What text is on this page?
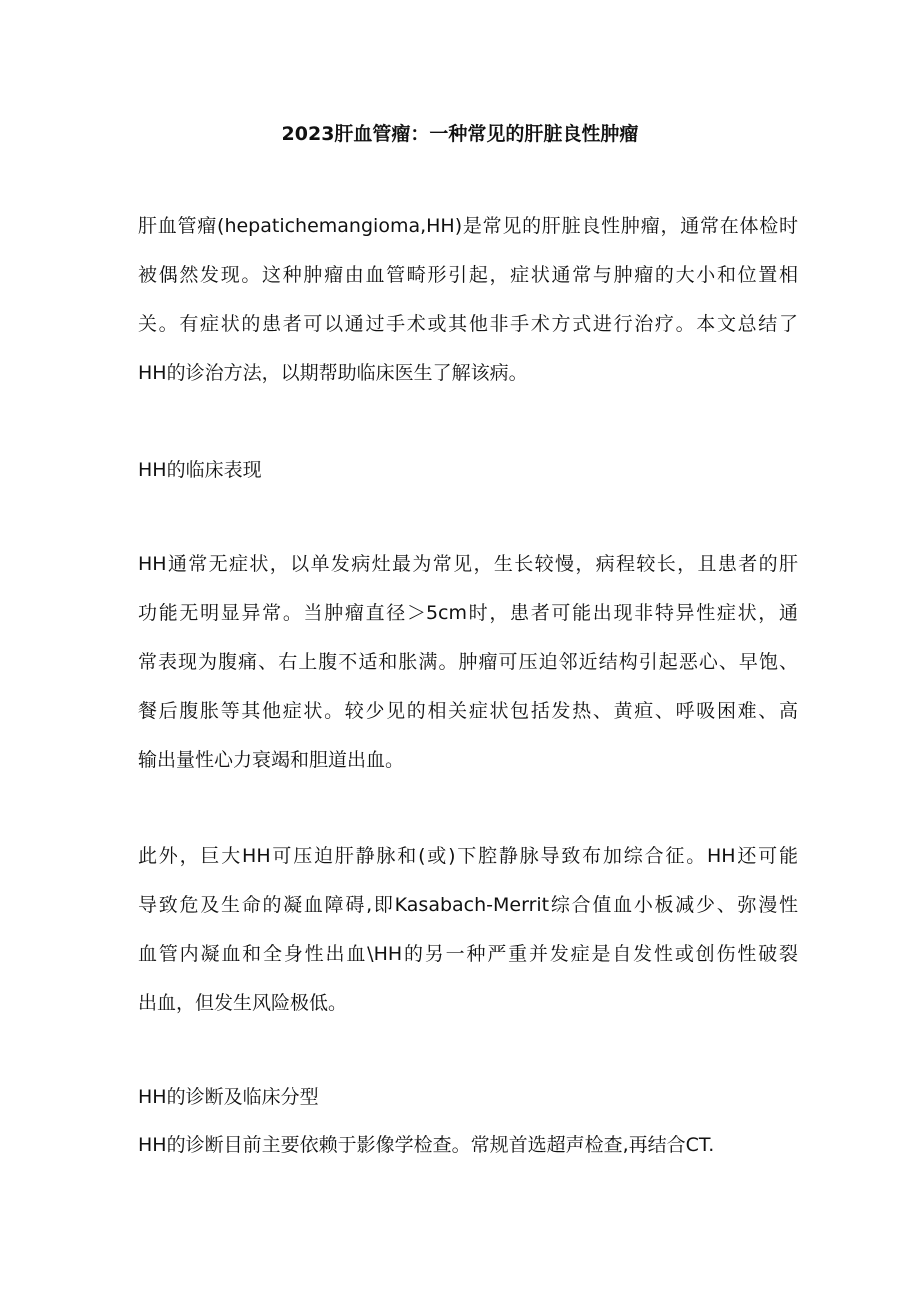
2023肝血管瘤：一种常见的肝脏良性肿瘤
肝血管瘤(hepatichemangioma,HH)是常见的肝脏良性肿瘤，通常在体检时
被偶然发现。这种肿瘤由血管畸形引起，症状通常与肿瘤的大小和位置相
关。有症状的患者可以通过手术或其他非手术方式进行治疗。本文总结了
HH的诊治方法，以期帮助临床医生了解该病。
HH的临床表现
HH通常无症状，以单发病灶最为常见，生长较慢，病程较长，且患者的肝
功能无明显异常。当肿瘤直径＞5cm时，患者可能出现非特异性症状，通
常表现为腹痛、右上腹不适和胀满。肿瘤可压迫邻近结构引起恶心、早饱、
餐后腹胀等其他症状。较少见的相关症状包括发热、黄疸、呼吸困难、高
输出量性心力衰竭和胆道出血。
此外，巨大HH可压迫肝静脉和(或)下腔静脉导致布加综合征。HH还可能
导致危及生命的凝血障碍,即Kasabach-Merrit综合值血小板减少、弥漫性
血管内凝血和全身性出血\HH的另一种严重并发症是自发性或创伤性破裂
出血，但发生风险极低。
HH的诊断及临床分型
HH的诊断目前主要依赖于影像学检查。常规首选超声检查,再结合CT.
